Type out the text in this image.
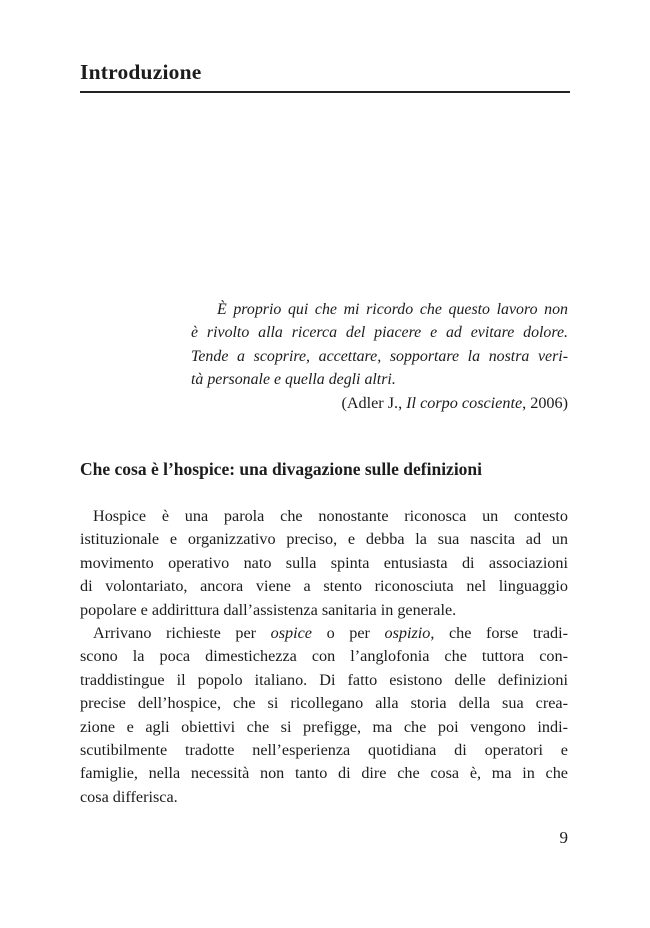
Introduzione
È proprio qui che mi ricordo che questo lavoro non
è rivolto alla ricerca del piacere e ad evitare dolore.
Tende a scoprire, accettare, sopportare la nostra veri-
tà personale e quella degli altri.
(Adler J., Il corpo cosciente, 2006)
Che cosa è l’hospice: una divagazione sulle definizioni
Hospice è una parola che nonostante riconosca un contesto
istituzionale e organizzativo preciso, e debba la sua nascita ad un
movimento operativo nato sulla spinta entusiasta di associazioni
di volontariato, ancora viene a stento riconosciuta nel linguaggio
popolare e addirittura dall’assistenza sanitaria in generale.
Arrivano richieste per ospice o per ospizio, che forse tradi-
scono la poca dimestichezza con l’anglofonia che tuttora con-
traddistingue il popolo italiano. Di fatto esistono delle definizioni
precise dell’hospice, che si ricollegano alla storia della sua crea-
zione e agli obiettivi che si prefigge, ma che poi vengono indi-
scutibilmente tradotte nell’esperienza quotidiana di operatori e
famiglie, nella necessità non tanto di dire che cosa è, ma in che
cosa differisca.
9
